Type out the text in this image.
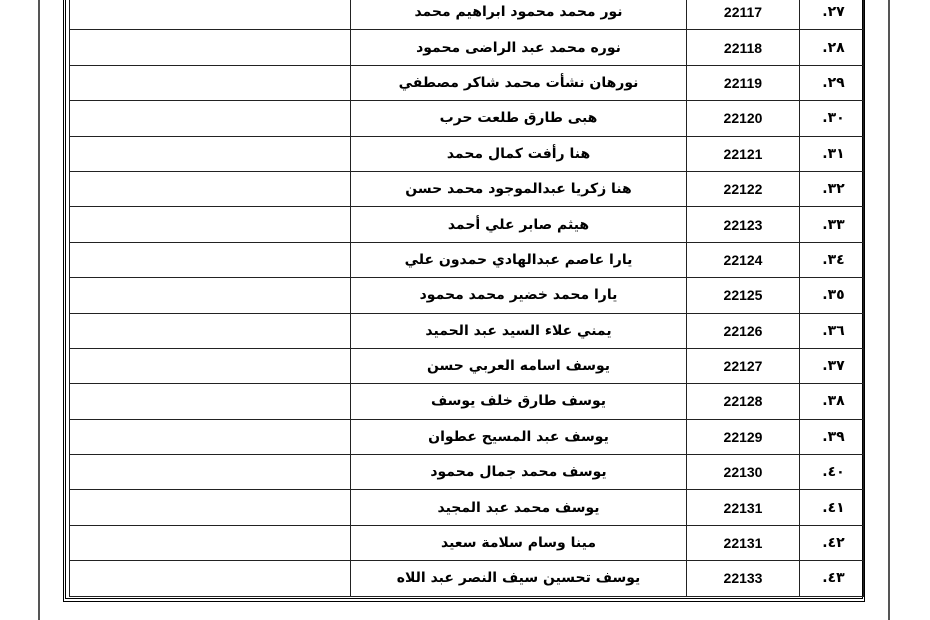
	نور محمد محمود ابراهيم محمد	22117	٢٧.
	نوره محمد عبد الراضى محمود	22118	٢٨.
	نورهان نشأت محمد شاكر مصطفي	22119	٢٩.
	هبى طارق طلعت حرب	22120	٣٠.
	هنا رأفت كمال محمد	22121	٣١.
	هنا زكريا عبدالموجود محمد حسن	22122	٣٢.
	هيثم صابر علي أحمد	22123	٣٣.
	يارا عاصم عبدالهادي حمدون علي	22124	٣٤.
	يارا محمد خضير محمد محمود	22125	٣٥.
	يمني علاء السيد عبد الحميد	22126	٣٦.
	يوسف اسامه العربي حسن	22127	٣٧.
	يوسف طارق خلف يوسف	22128	٣٨.
	يوسف عبد المسيح عطوان	22129	٣٩.
	يوسف محمد جمال محمود	22130	٤٠.
	يوسف محمد عبد المجيد	22131	٤١.
	مينا وسام سلامة سعيد	22131	٤٢.
	يوسف تحسين سيف النصر عبد اللاه	22133	٤٣.
